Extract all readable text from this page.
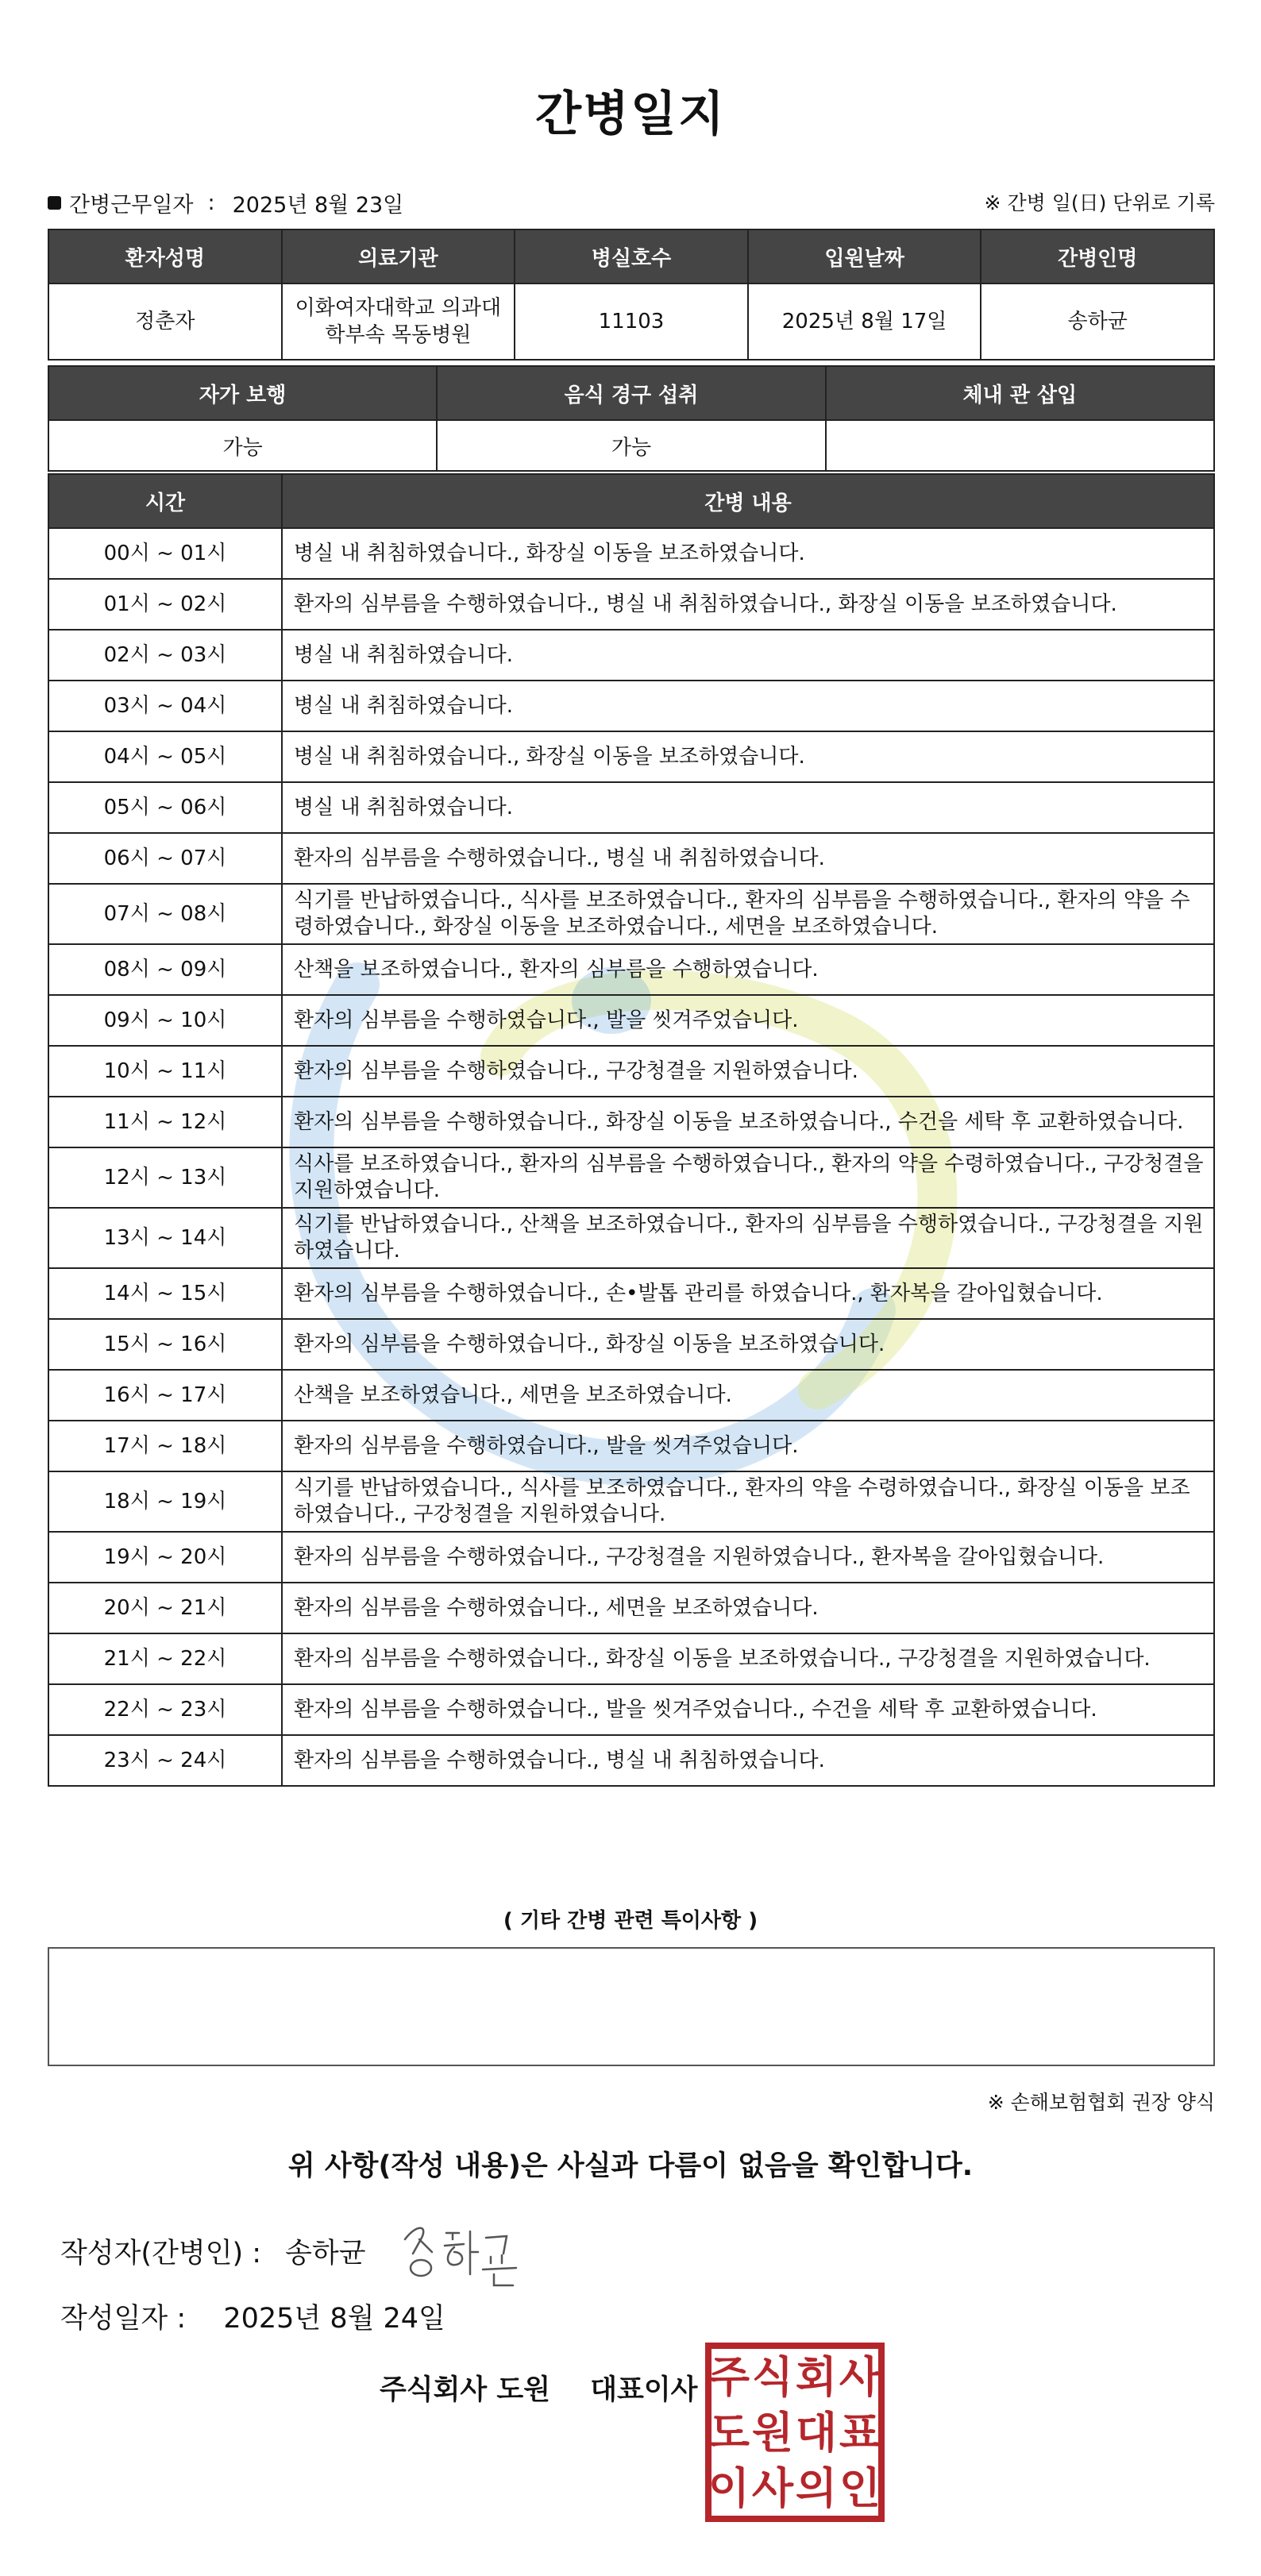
간병일지
간병근무일자 : 2025년 8월 23일	※ 간병 일(日) 단위로 기록
환자성명	의료기관	병실호수	입원날짜	간병인명
정춘자	이화여자대학교 의과대 학부속 목동병원	11103	2025년 8월 17일	송하균
자가 보행	음식 경구 섭취	체내 관 삽입
가능	가능	
시간	간병 내용
00시 ~ 01시	병실 내 취침하였습니다., 화장실 이동을 보조하였습니다.
01시 ~ 02시	환자의 심부름을 수행하였습니다., 병실 내 취침하였습니다., 화장실 이동을 보조하였습니다.
02시 ~ 03시	병실 내 취침하였습니다.
03시 ~ 04시	병실 내 취침하였습니다.
04시 ~ 05시	병실 내 취침하였습니다., 화장실 이동을 보조하였습니다.
05시 ~ 06시	병실 내 취침하였습니다.
06시 ~ 07시	환자의 심부름을 수행하였습니다., 병실 내 취침하였습니다.
07시 ~ 08시	식기를 반납하였습니다., 식사를 보조하였습니다., 환자의 심부름을 수행하였습니다., 환자의 약을 수령하였습니다., 화장실 이동을 보조하였습니다., 세면을 보조하였습니다.
08시 ~ 09시	산책을 보조하였습니다., 환자의 심부름을 수행하였습니다.
09시 ~ 10시	환자의 심부름을 수행하였습니다., 발을 씻겨주었습니다.
10시 ~ 11시	환자의 심부름을 수행하였습니다., 구강청결을 지원하였습니다.
11시 ~ 12시	환자의 심부름을 수행하였습니다., 화장실 이동을 보조하였습니다., 수건을 세탁 후 교환하였습니다.
12시 ~ 13시	식사를 보조하였습니다., 환자의 심부름을 수행하였습니다., 환자의 약을 수령하였습니다., 구강청결을 지원하였습니다.
13시 ~ 14시	식기를 반납하였습니다., 산책을 보조하였습니다., 환자의 심부름을 수행하였습니다., 구강청결을 지원하였습니다.
14시 ~ 15시	환자의 심부름을 수행하였습니다., 손•발톱 관리를 하였습니다., 환자복을 갈아입혔습니다.
15시 ~ 16시	환자의 심부름을 수행하였습니다., 화장실 이동을 보조하였습니다.
16시 ~ 17시	산책을 보조하였습니다., 세면을 보조하였습니다.
17시 ~ 18시	환자의 심부름을 수행하였습니다., 발을 씻겨주었습니다.
18시 ~ 19시	식기를 반납하였습니다., 식사를 보조하였습니다., 환자의 약을 수령하였습니다., 화장실 이동을 보조하였습니다., 구강청결을 지원하였습니다.
19시 ~ 20시	환자의 심부름을 수행하였습니다., 구강청결을 지원하였습니다., 환자복을 갈아입혔습니다.
20시 ~ 21시	환자의 심부름을 수행하였습니다., 세면을 보조하였습니다.
21시 ~ 22시	환자의 심부름을 수행하였습니다., 화장실 이동을 보조하였습니다., 구강청결을 지원하였습니다.
22시 ~ 23시	환자의 심부름을 수행하였습니다., 발을 씻겨주었습니다., 수건을 세탁 후 교환하였습니다.
23시 ~ 24시	환자의 심부름을 수행하였습니다., 병실 내 취침하였습니다.
( 기타 간병 관련 특이사항 )
※ 손해보험협회 권장 양식
위 사항(작성 내용)은 사실과 다름이 없음을 확인합니다.
작성자(간병인) : 송하균
작성일자 : 2025년 8월 24일
주식회사 도원 대표이사 주 식 회 사
도 원 대 표
이 사 의 인
